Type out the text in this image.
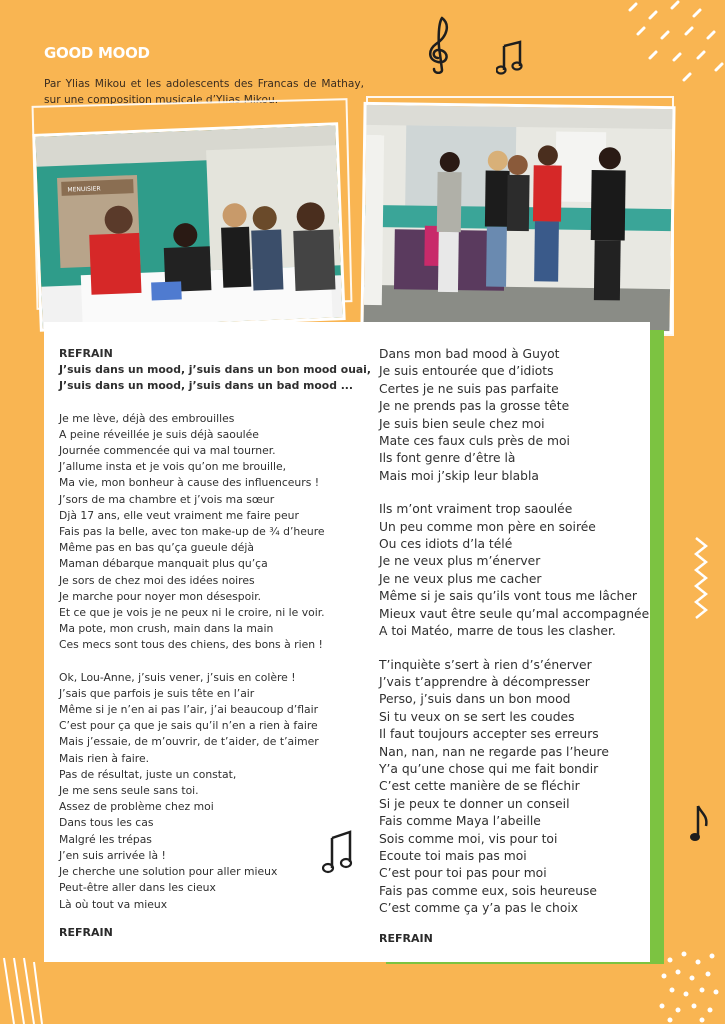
GOOD MOOD
Par Ylias Mikou et les adolescents des Francas de Mathay, sur une composition musicale d’Ylias Mikou.
MENUISIER

REFRAIN

J’suis dans un mood, j’suis dans un bon mood ouai,

J’suis dans un mood, j’suis dans un bad mood ...

Je me lève, déjà des embrouilles

A peine réveillée je suis déjà saoulée

Journée commencée qui va mal tourner.

J’allume insta et je vois qu’on me brouille,

Ma vie, mon bonheur à cause des influenceurs !

J’sors de ma chambre et j’vois ma sœur

Djà 17 ans, elle veut vraiment me faire peur

Fais pas la belle, avec ton make-up de ¾ d’heure

Même pas en bas qu’ça gueule déjà

Maman débarque manquait plus qu’ça

Je sors de chez moi des idées noires

Je marche pour noyer mon désespoir.

Et ce que je vois je ne peux ni le croire, ni le voir.

Ma pote, mon crush, main dans la main

Ces mecs sont tous des chiens, des bons à rien !

Ok, Lou-Anne, j’suis vener, j’suis en colère !

J’sais que parfois je suis tête en l’air

Même si je n’en ai pas l’air, j’ai beaucoup d’flair

C’est pour ça que je sais qu’il n’en a rien à faire

Mais j’essaie, de m’ouvrir, de t’aider, de t’aimer

Mais rien à faire.

Pas de résultat, juste un constat,

Je me sens seule sans toi.

Assez de problème chez moi

Dans tous les cas

Malgré les trépas

J’en suis arrivée là !

Je cherche une solution pour aller mieux

Peut-être aller dans les cieux

Là où tout va mieux

REFRAIN

Dans mon bad mood à Guyot

Je suis entourée que d’idiots

Certes je ne suis pas parfaite

Je ne prends pas la grosse tête

Je suis bien seule chez moi

Mate ces faux culs près de moi

Ils font genre d’être là

Mais moi j’skip leur blabla

Ils m’ont vraiment trop saoulée

Un peu comme mon père en soirée

Ou ces idiots d’la télé

Je ne veux plus m’énerver

Je ne veux plus me cacher

Même si je sais qu’ils vont tous me lâcher

Mieux vaut être seule qu’mal accompagnée

A toi Matéo, marre de tous les clasher.

T’inquiète s’sert à rien d’s’énerver

J’vais t’apprendre à décompresser

Perso, j’suis dans un bon mood

Si tu veux on se sert les coudes

Il faut toujours accepter ses erreurs

Nan, nan, nan ne regarde pas l’heure

Y’a qu’une chose qui me fait bondir

C’est cette manière de se fléchir

Si je peux te donner un conseil

Fais comme Maya l’abeille

Sois comme moi, vis pour toi

Ecoute toi mais pas moi

C’est pour toi pas pour moi

Fais pas comme eux, sois heureuse

C’est comme ça y’a pas le choix

REFRAIN
